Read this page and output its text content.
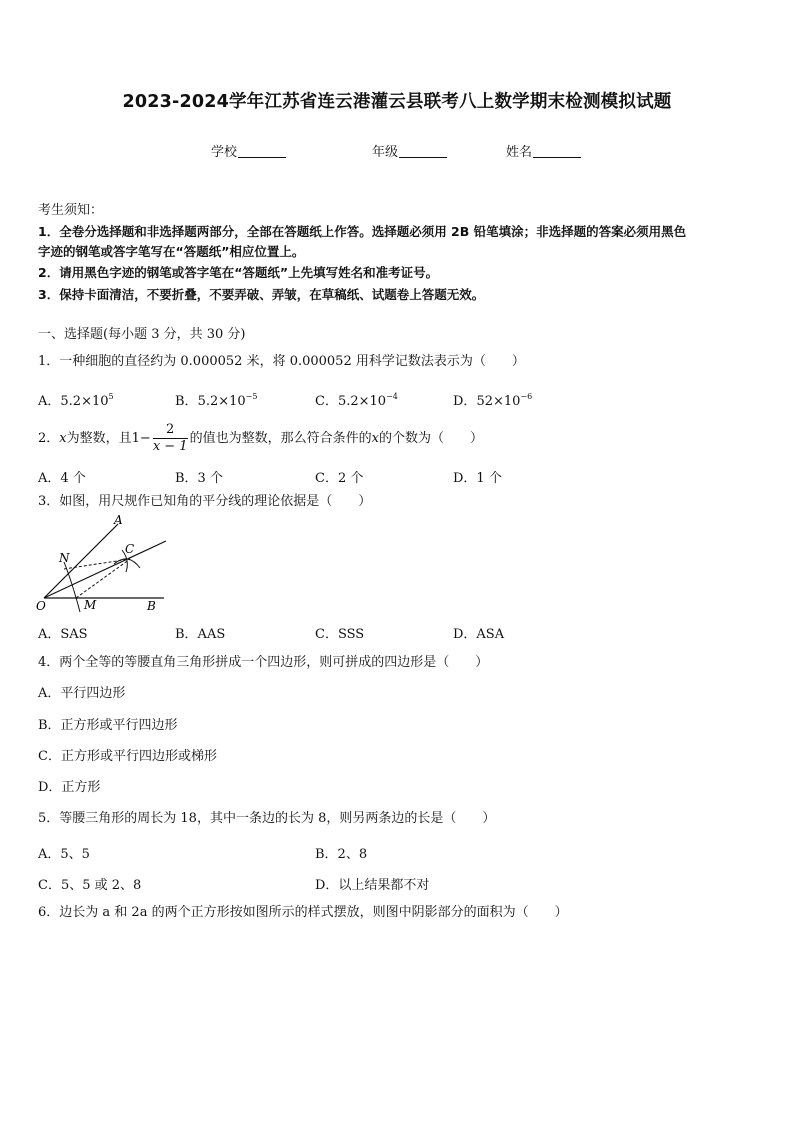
2023-2024学年江苏省连云港灌云县联考八上数学期末检测模拟试题
学校	年级	姓名
考生须知：
1．全卷分选择题和非选择题两部分，全部在答题纸上作答。选择题必须用 2B 铅笔填涂；非选择题的答案必须用黑色
字迹的钢笔或答字笔写在“答题纸”相应位置上。
2．请用黑色字迹的钢笔或答字笔在“答题纸”上先填写姓名和准考证号。
3．保持卡面清洁，不要折叠，不要弄破、弄皱，在草稿纸、试题卷上答题无效。
一、选择题(每小题 3 分，共 30 分)
1．一种细胞的直径约为 0.000052 米，将 0.000052 用科学记数法表示为（　　）
A．$5.2\times 10^5$	B．$5.2\times 10^{-5}$	C．$5.2\times 10^{-4}$	D．$52\times 10^{-6}$
2．x为整数，且$1- \frac{2}{x - 1}$ 的值也为整数，那么符合条件的x的个数为（　　）
A．4 个	B．3 个	C．2 个	D．1 个
3．如图，用尺规作已知角的平分线的理论依据是（　　）
A
C
N
O	M	B
A．SAS	B．AAS	C．SSS	D．ASA
4．两个全等的等腰直角三角形拼成一个四边形，则可拼成的四边形是（　　）
A．平行四边形
B．正方形或平行四边形
C．正方形或平行四边形或梯形
D．正方形
5．等腰三角形的周长为 18，其中一条边的长为 8，则另两条边的长是（　　）
A．5、5	B．2、8
C．5、5 或 2、8	D．以上结果都不对
6．边长为 a 和 2a 的两个正方形按如图所示的样式摆放，则图中阴影部分的面积为（　　）
